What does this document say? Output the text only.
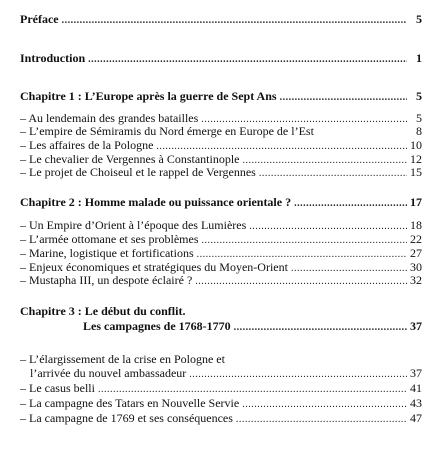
Préface .....	5
Introduction .....	1
Chapitre 1 : L’Europe après la guerre de Sept Ans .....	5
– Au lendemain des grandes batailles .....	5
– L’empire de Sémiramis du Nord émerge en Europe de l’Est	8
– Les affaires de la Pologne .....	10
– Le chevalier de Vergennes à Constantinople .....	12
– Le projet de Choiseul et le rappel de Vergennes .....	15
Chapitre 2 : Homme malade ou puissance orientale ? .....	17
– Un Empire d’Orient à l’époque des Lumières .....	18
– L’armée ottomane et ses problèmes .....	22
– Marine, logistique et fortifications .....	27
– Enjeux économiques et stratégiques du Moyen-Orient .....	30
– Mustapha III, un despote éclairé ? .....	32
Chapitre 3 : Le début du conflit.
Les campagnes de 1768-1770 .....	37
– L’élargissement de la crise en Pologne et
l’arrivée du nouvel ambassadeur .....	37
– Le casus belli .....	41
– La campagne des Tatars en Nouvelle Servie .....	43
– La campagne de 1769 et ses conséquences .....	47
